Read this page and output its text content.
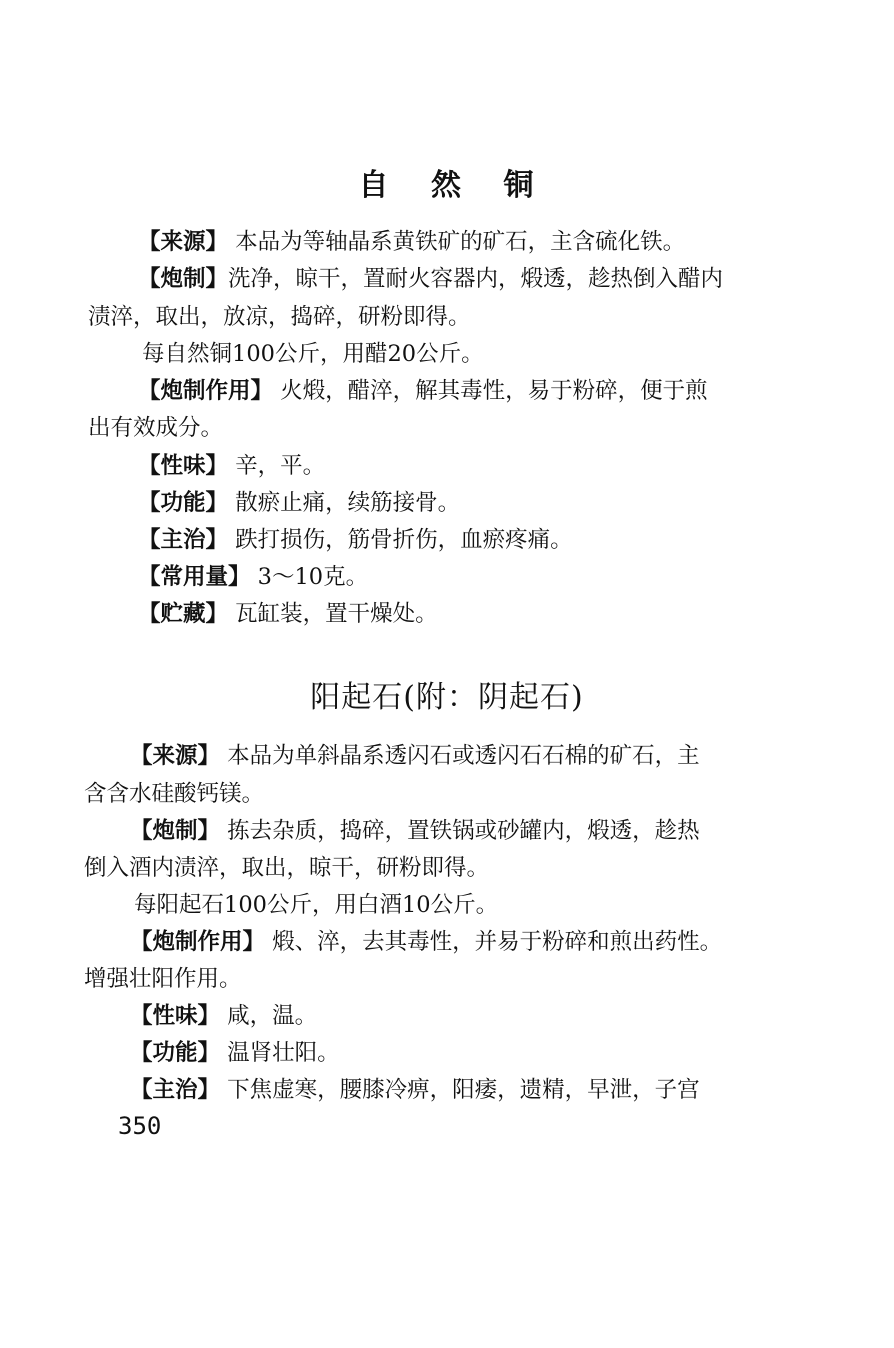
自 然 铜
【来源】 本品为等轴晶系黄铁矿的矿石，主含硫化铁。
【炮制】洗净，晾干，置耐火容器内，煅透，趁热倒入醋内
渍淬，取出，放凉，捣碎，研粉即得。
每自然铜100公斤，用醋20公斤。
【炮制作用】 火煅，醋淬，解其毒性，易于粉碎，便于煎
出有效成分。
【性味】 辛，平。
【功能】 散瘀止痛，续筋接骨。
【主治】 跌打损伤，筋骨折伤，血瘀疼痛。
【常用量】 3～10克。
【贮藏】 瓦缸装，置干燥处。
阳起石(附：阴起石)
【来源】 本品为单斜晶系透闪石或透闪石石棉的矿石，主
含含水硅酸钙镁。
【炮制】 拣去杂质，捣碎，置铁锅或砂罐内，煅透，趁热
倒入酒内渍淬，取出，晾干，研粉即得。
每阳起石100公斤，用白酒10公斤。
【炮制作用】 煅、淬，去其毒性，并易于粉碎和煎出药性。
增强壮阳作用。
【性味】 咸，温。
【功能】 温肾壮阳。
【主治】 下焦虚寒，腰膝冷痹，阳痿，遗精，早泄，子宫
350
